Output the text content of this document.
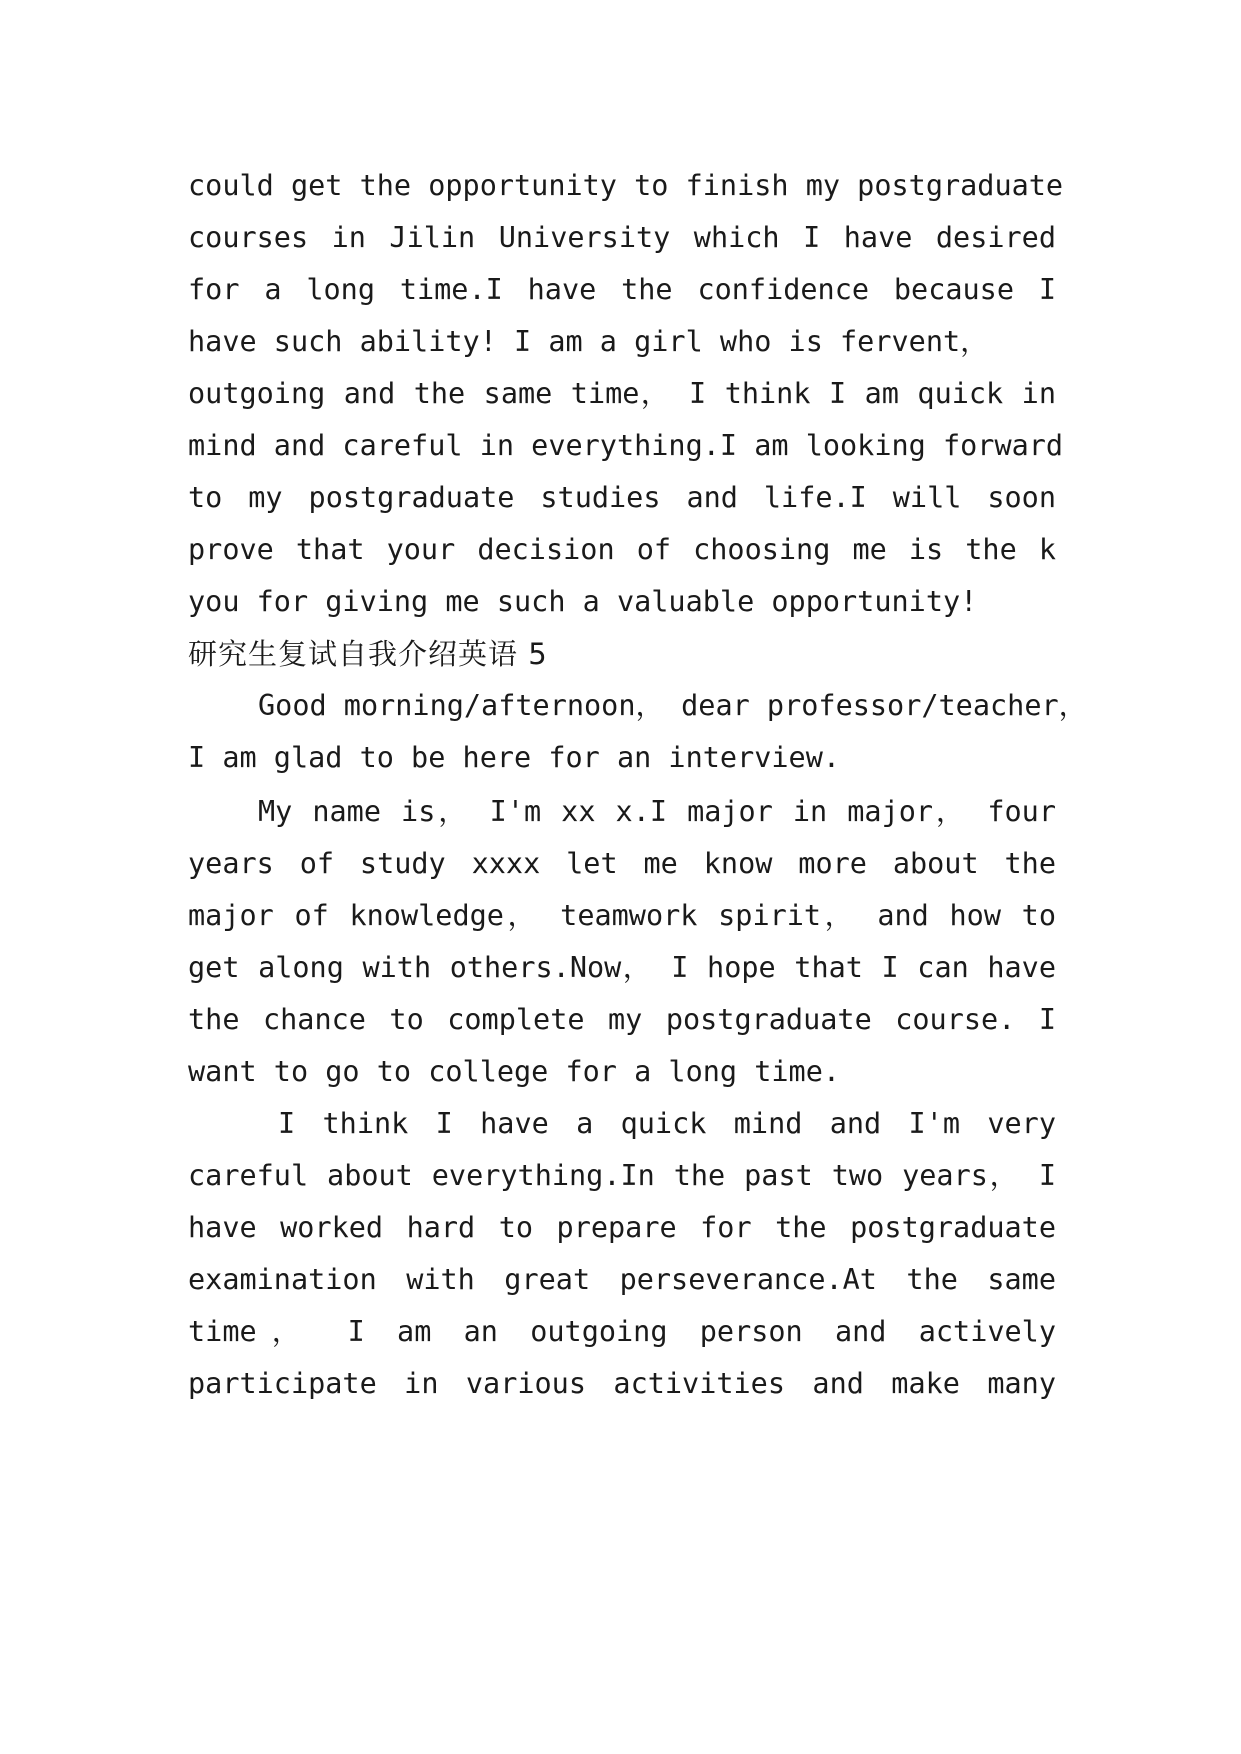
could get the opportunity to finish my postgraduate
courses in Jilin University which I have desired
for a long time.I have the confidence because I
have such ability! I am a girl who is fervent，
outgoing and the same time， I think I am quick in
mind and careful in everything.I am looking forward
to my postgraduate studies and life.I will soon
prove that your decision of choosing me is the k
you for giving me such a valuable opportunity!
研究生复试自我介绍英语 5
Good morning/afternoon， dear professor/teacher，
I am glad to be here for an interview.
My name is， I'm xx x.I major in major， four
years of study xxxx let me know more about the
major of knowledge， teamwork spirit， and how to
get along with others.Now， I hope that I can have
the chance to complete my postgraduate course. I
want to go to college for a long time.
I think I have a quick mind and I'm very
careful about everything.In the past two years， I
have worked hard to prepare for the postgraduate
examination with great perseverance.At the same
time， I am an outgoing person and actively
participate in various activities and make many
